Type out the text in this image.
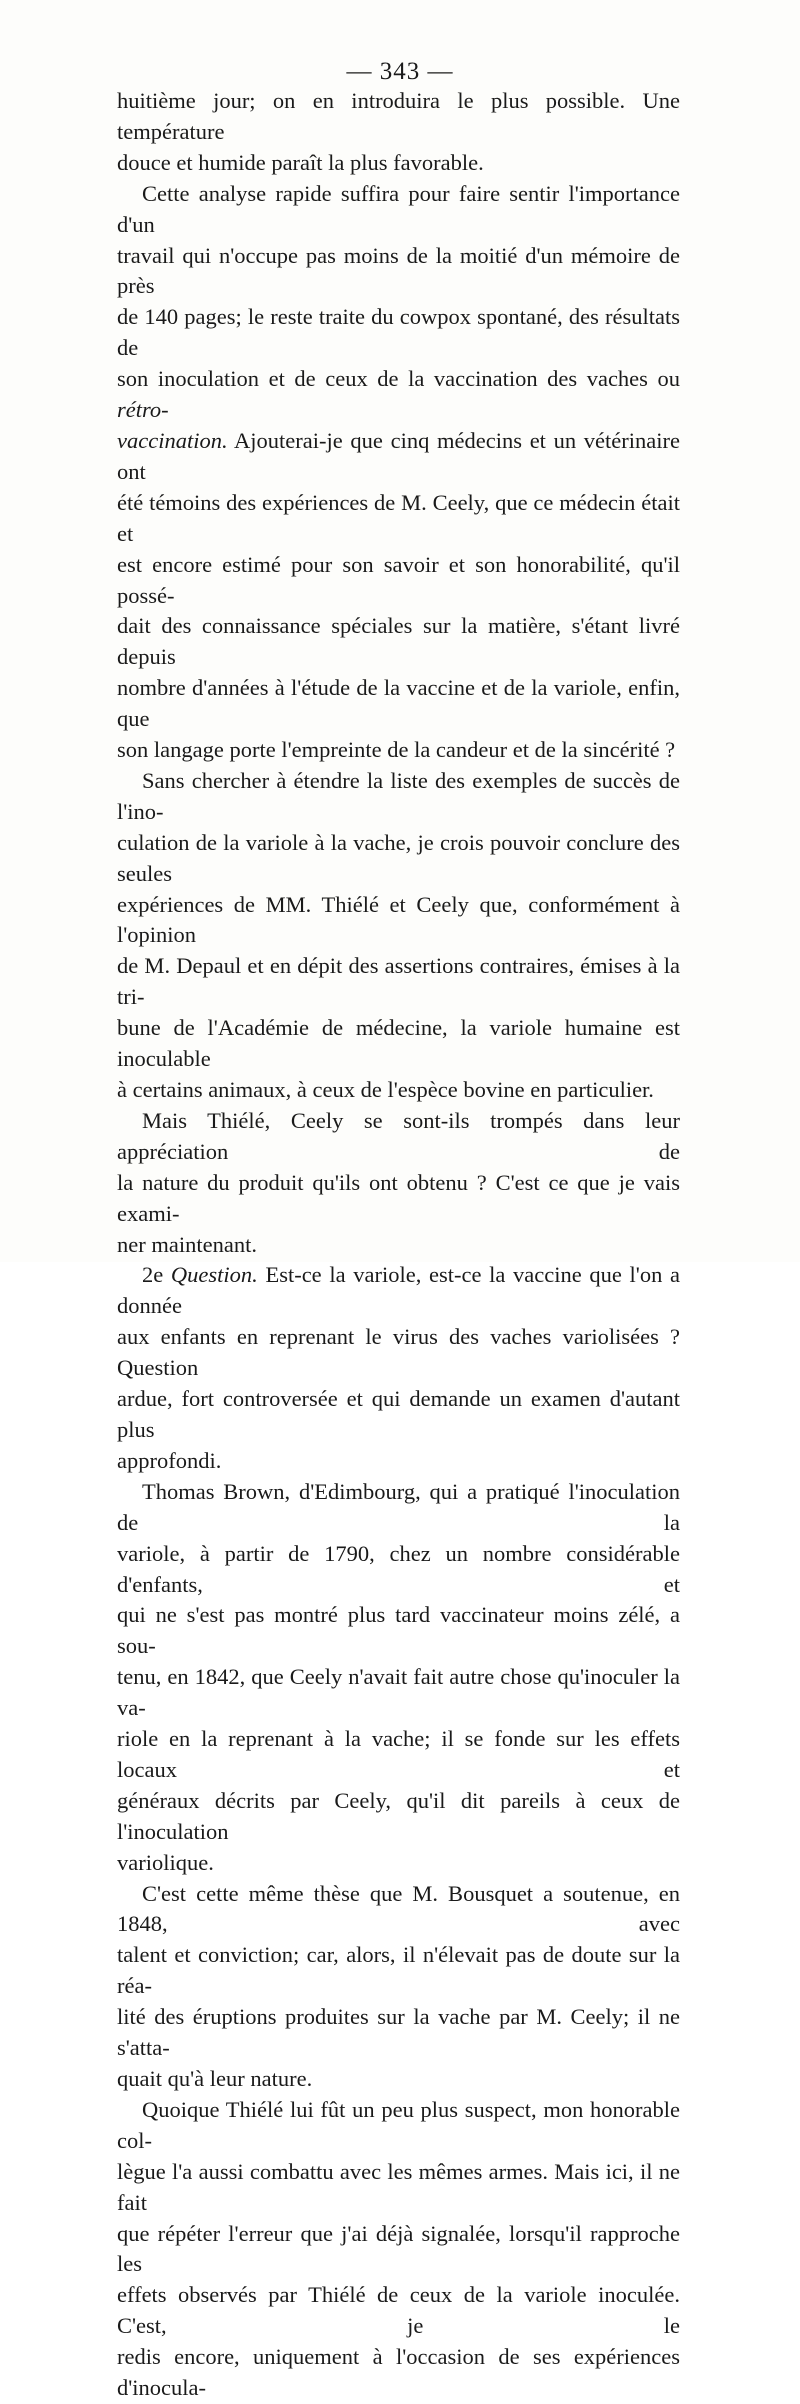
— 343 —

huitième jour; on en introduira le plus possible. Une température

douce et humide paraît la plus favorable.

Cette analyse rapide suffira pour faire sentir l'importance d'un

travail qui n'occupe pas moins de la moitié d'un mémoire de près

de 140 pages; le reste traite du cowpox spontané, des résultats de

son inoculation et de ceux de la vaccination des vaches ou rétro-

vaccination. Ajouterai-je que cinq médecins et un vétérinaire ont

été témoins des expériences de M. Ceely, que ce médecin était et

est encore estimé pour son savoir et son honorabilité, qu'il possé-

dait des connaissance spéciales sur la matière, s'étant livré depuis

nombre d'années à l'étude de la vaccine et de la variole, enfin, que

son langage porte l'empreinte de la candeur et de la sincérité ?

Sans chercher à étendre la liste des exemples de succès de l'ino-

culation de la variole à la vache, je crois pouvoir conclure des seules

expériences de MM. Thiélé et Ceely que, conformément à l'opinion

de M. Depaul et en dépit des assertions contraires, émises à la tri-

bune de l'Académie de médecine, la variole humaine est inoculable

à certains animaux, à ceux de l'espèce bovine en particulier.

Mais Thiélé, Ceely se sont-ils trompés dans leur appréciation de

la nature du produit qu'ils ont obtenu ? C'est ce que je vais exami-

ner maintenant.

2e Question. Est-ce la variole, est-ce la vaccine que l'on a donnée

aux enfants en reprenant le virus des vaches variolisées ? Question

ardue, fort controversée et qui demande un examen d'autant plus

approfondi.

Thomas Brown, d'Edimbourg, qui a pratiqué l'inoculation de la

variole, à partir de 1790, chez un nombre considérable d'enfants, et

qui ne s'est pas montré plus tard vaccinateur moins zélé, a sou-

tenu, en 1842, que Ceely n'avait fait autre chose qu'inoculer la va-

riole en la reprenant à la vache; il se fonde sur les effets locaux et

généraux décrits par Ceely, qu'il dit pareils à ceux de l'inoculation

variolique.

C'est cette même thèse que M. Bousquet a soutenue, en 1848, avec

talent et conviction; car, alors, il n'élevait pas de doute sur la réa-

lité des éruptions produites sur la vache par M. Ceely; il ne s'atta-

quait qu'à leur nature.

Quoique Thiélé lui fût un peu plus suspect, mon honorable col-

lègue l'a aussi combattu avec les mêmes armes. Mais ici, il ne fait

que répéter l'erreur que j'ai déjà signalée, lorsqu'il rapproche les

effets observés par Thiélé de ceux de la variole inoculée. C'est, je le

redis encore, uniquement à l'occasion de ses expériences d'inocula-
